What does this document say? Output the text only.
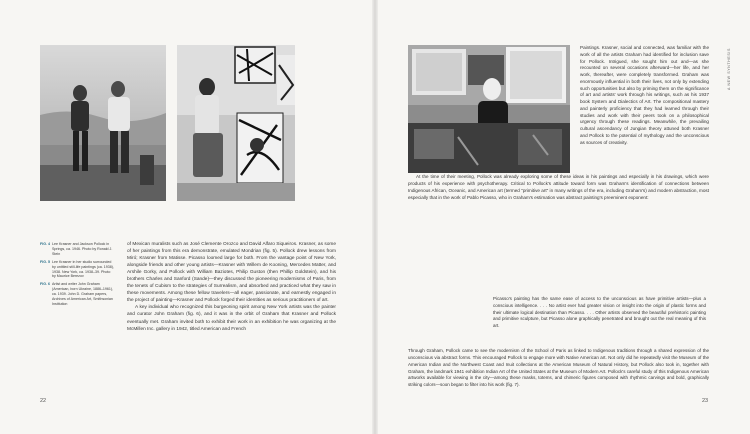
FIG. 4 Lee Krasner and Jackson Pollock in Springs, ca. 1946. Photo by Ronald J. Stein
FIG. 5 Lee Krasner in her studio surrounded by untitled still-life paintings (ca. 1938), 1938. New York, ca. 1938–39. Photo by Maurice Berezov
FIG. 6 Artist and writer John Graham (American, born Ukraine, 1886–1961), ca. 1939. John D. Graham papers, Archives of American Art, Smithsonian Institution

of Mexican muralists such as José Clemente Orozco and David Alfaro Siqueiros. Krasner, as some of her paintings from this era demonstrate, emulated Mondrian (fig. 5). Pollock drew lessons from Miró; Krasner from Matisse. Picasso loomed large for both. From the vantage point of New York, alongside friends and other young artists—Krasner with Willem de Kooning, Mercedes Matter, and Arshile Gorky, and Pollock with William Baziotes, Philip Guston (then Phillip Goldstein), and his brothers Charles and Sanford (Sande)—they discussed the pioneering modernisms of Paris, from the tenets of Cubism to the strategies of Surrealism, and absorbed and practiced what they saw in these movements. Among these fellow travelers—all eager, passionate, and earnestly engaged in the project of painting—Krasner and Pollock forged their identities as serious practitioners of art.

A key individual who recognized this burgeoning spirit among New York artists was the painter and curator John Graham (fig. 6), and it was in the orbit of Graham that Krasner and Pollock eventually met. Graham invited both to exhibit their work in an exhibition he was organizing at the McMillen Inc. gallery in 1942, titled American and French

Paintings. Krasner, social and connected, was familiar with the work of all the artists Graham had identified for inclusion save for Pollock. Intrigued, she sought him out and—as she recounted on several occasions afterward—her life, and her work, thereafter, were completely transformed. Graham was enormously influential in both their lives, not only by extending such opportunities but also by priming them on the significance of art and artists' work through his writings, such as his 1937 book System and Dialectics of Art. The compositional mastery and painterly proficiency that they had learned through their studies and work with their peers took on a philosophical urgency through these readings. Meanwhile, the prevailing cultural ascendancy of Jungian theory attuned both Krasner and Pollock to the potential of mythology and the unconscious as sources of creativity.

At the time of their meeting, Pollock was already exploring some of these ideas in his paintings and especially in his drawings, which were products of his experience with psychotherapy. Critical to Pollock's attitude toward form was Graham's identification of connections between Indigenous African, Oceanic, and American art (termed "primitive art" in many writings of the era, including Graham's) and modern abstraction, most especially that in the work of Pablo Picasso, who in Graham's estimation was abstract painting's preeminent exponent:

Picasso's painting has the same ease of access to the unconscious as have primitive artists—plus a conscious intelligence. . . . No artist ever had greater vision or insight into the origin of plastic forms and their ultimate logical destination than Picasso. . . . Other artists observed the beautiful prehistoric painting and primitive sculpture, but Picasso alone graphically penetrated and brought out the real meaning of this art.

Through Graham, Pollock came to see the modernism of the School of Paris as linked to Indigenous traditions through a shared expression of the unconscious via abstract forms. This encouraged Pollock to engage more with Native American art. Not only did he repeatedly visit the Museum of the American Indian and the Northwest Coast and Inuit collections at the American Museum of Natural History, but Pollock also took in, together with Graham, the landmark 1941 exhibition Indian Art of the United States at the Museum of Modern Art. Pollock's careful study of this Indigenous American artworks available for viewing in the city—among these masks, totems, and chimeric figures composed with rhythmic carvings and bold, graphically striking colors—soon began to filter into his work (fig. 7).

A NEW SYNTHESIS
22	23
